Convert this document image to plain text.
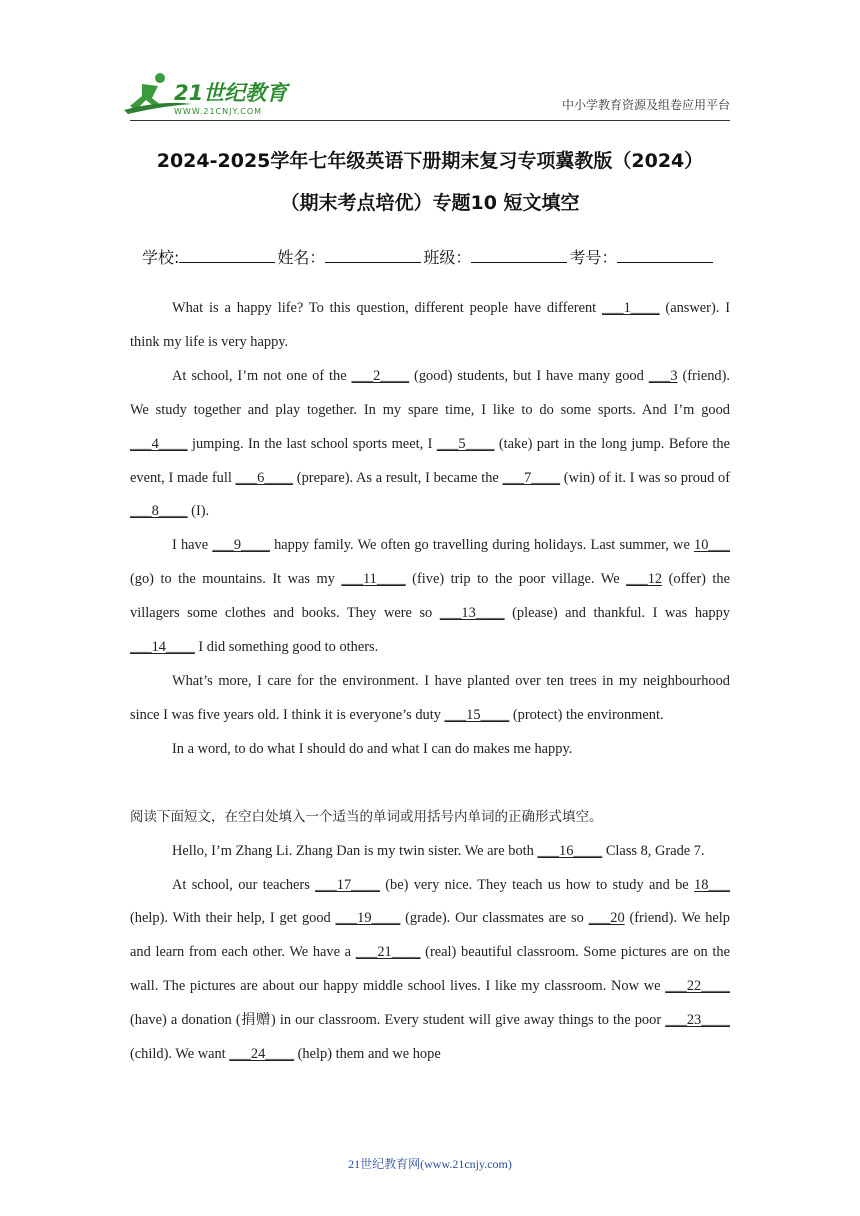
21世纪教育
WWW.21CNJY.COM	中小学教育资源及组卷应用平台
2024-2025学年七年级英语下册期末复习专项冀教版（2024）
（期末考点培优）专题10 短文填空
学校:	姓名：	班级：	考号：

What is a happy life? To this question, different people have different ___1____ (answer). I think my life is very happy.

At school, I’m not one of the ___2____ (good) students, but I have many good ___3 (friend). We study together and play together. In my spare time, I like to do some sports. And I’m good ___4____ jumping. In the last school sports meet, I ___5____ (take) part in the long jump. Before the event, I made full ___6____ (prepare). As a result, I became the ___7____ (win) of it. I was so proud of ___8____ (I).

I have ___9____ happy family. We often go travelling during holidays. Last summer, we 10___ (go) to the mountains. It was my ___11____ (five) trip to the poor village. We ___12 (offer) the villagers some clothes and books. They were so ___13____ (please) and thankful. I was happy ___14____ I did something good to others.

What’s more, I care for the environment. I have planted over ten trees in my neighbourhood since I was five years old. I think it is everyone’s duty ___15____ (protect) the environment.

In a word, to do what I should do and what I can do makes me happy.

阅读下面短文，在空白处填入一个适当的单词或用括号内单词的正确形式填空。

Hello, I’m Zhang Li. Zhang Dan is my twin sister. We are both ___16____ Class 8, Grade 7.

At school, our teachers ___17____ (be) very nice. They teach us how to study and be 18___ (help). With their help, I get good ___19____ (grade). Our classmates are so ___20 (friend). We help and learn from each other. We have a ___21____ (real) beautiful classroom. Some pictures are on the wall. The pictures are about our happy middle school lives. I like my classroom. Now we ___22____ (have) a donation (捐赠) in our classroom. Every student will give away things to the poor ___23____ (child). We want ___24____ (help) them and we hope

21世纪教育网(www.21cnjy.com)
